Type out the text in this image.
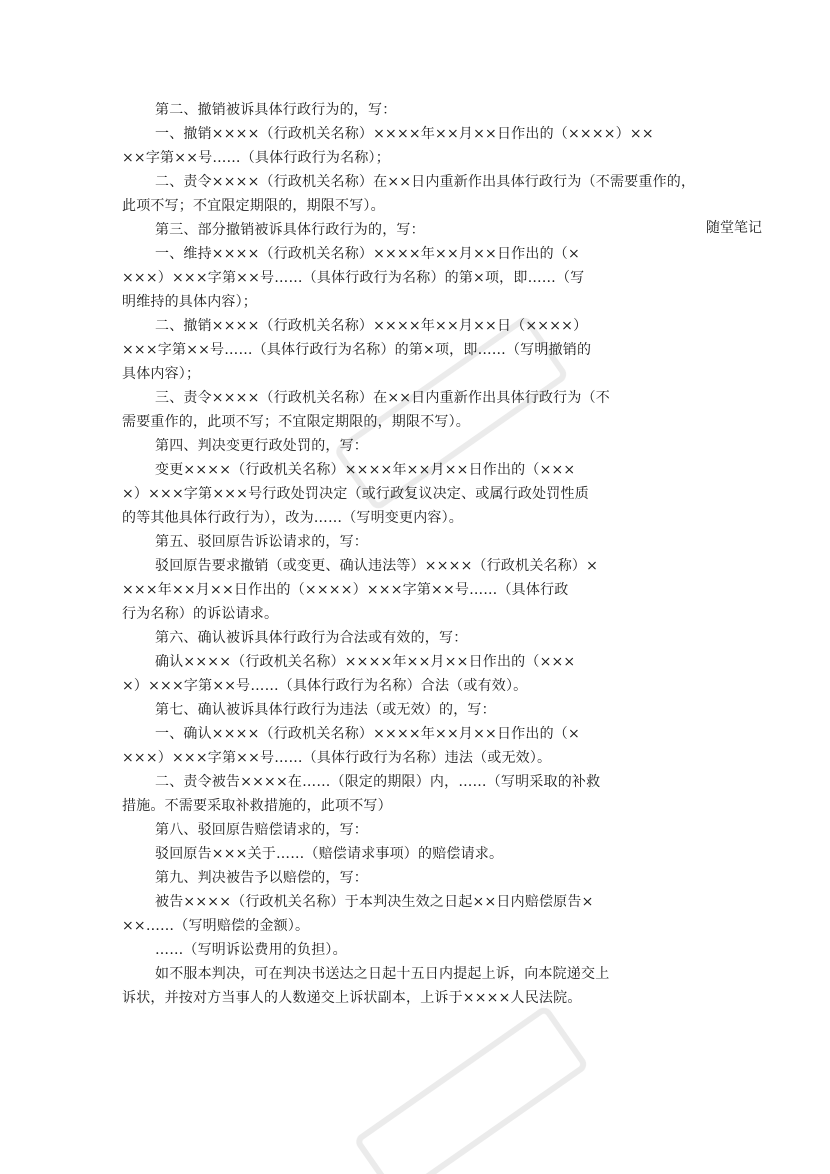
随堂笔记
第二、撤销被诉具体行政行为的，写：
一、撤销××××（行政机关名称）××××年××月××日作出的（××××）××
××字第××号……（具体行政行为名称）；
二、责令××××（行政机关名称）在××日内重新作出具体行政行为（不需要重作的，
此项不写；不宜限定期限的，期限不写）。
第三、部分撤销被诉具体行政行为的，写：
一、维持××××（行政机关名称）××××年××月××日作出的（×
×××）×××字第××号……（具体行政行为名称）的第×项，即……（写
明维持的具体内容）；
二、撤销××××（行政机关名称）××××年××月××日（××××）
×××字第××号……（具体行政行为名称）的第×项，即……（写明撤销的
具体内容）；
三、责令××××（行政机关名称）在××日内重新作出具体行政行为（不
需要重作的，此项不写；不宜限定期限的，期限不写）。
第四、判决变更行政处罚的，写：
变更××××（行政机关名称）××××年××月××日作出的（×××
×）×××字第×××号行政处罚决定（或行政复议决定、或属行政处罚性质
的等其他具体行政行为），改为……（写明变更内容）。
第五、驳回原告诉讼请求的，写：
驳回原告要求撤销（或变更、确认违法等）××××（行政机关名称）×
×××年××月××日作出的（××××）×××字第××号……（具体行政
行为名称）的诉讼请求。
第六、确认被诉具体行政行为合法或有效的，写：
确认××××（行政机关名称）××××年××月××日作出的（×××
×）×××字第××号……（具体行政行为名称）合法（或有效）。
第七、确认被诉具体行政行为违法（或无效）的，写：
一、确认××××（行政机关名称）××××年××月××日作出的（×
×××）×××字第××号……（具体行政行为名称）违法（或无效）。
二、责令被告××××在……（限定的期限）内，……（写明采取的补救
措施。不需要采取补救措施的，此项不写）
第八、驳回原告赔偿请求的，写：
驳回原告×××关于……（赔偿请求事项）的赔偿请求。
第九、判决被告予以赔偿的，写：
被告××××（行政机关名称）于本判决生效之日起××日内赔偿原告×
××……（写明赔偿的金额）。
……（写明诉讼费用的负担）。
如不服本判决，可在判决书送达之日起十五日内提起上诉，向本院递交上
诉状，并按对方当事人的人数递交上诉状副本，上诉于××××人民法院。
